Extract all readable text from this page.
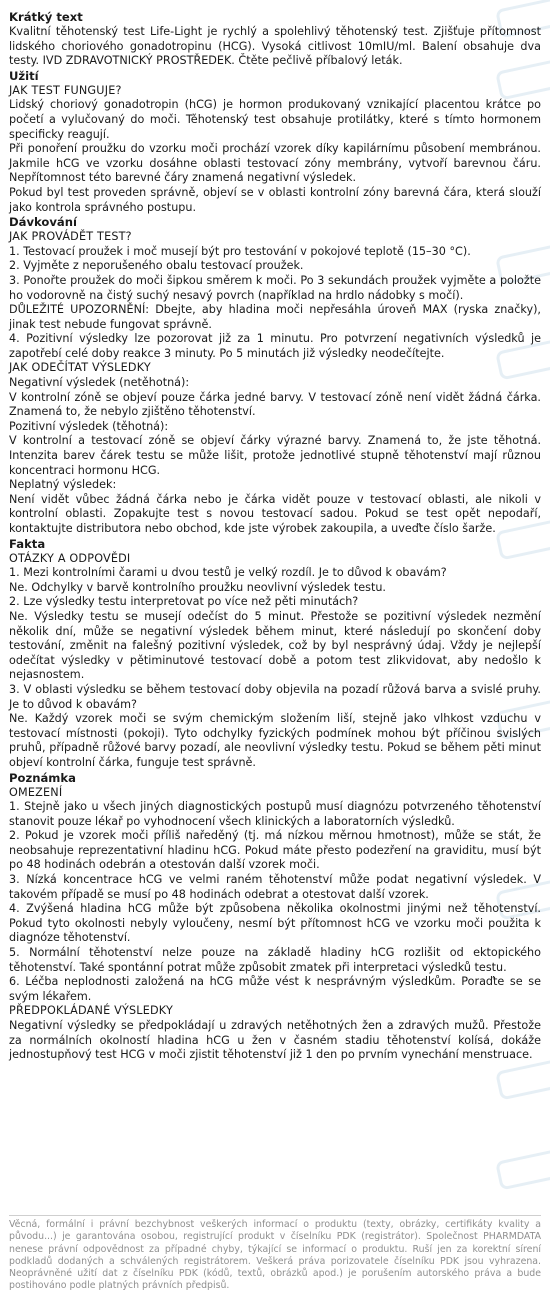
Krátký text

Kvalitní těhotenský test Life-Light je rychlý a spolehlivý těhotenský test. Zjišťuje přítomnost lidského choriového gonadotropinu (HCG). Vysoká citlivost 10mIU/ml. Balení obsahuje dva testy. IVD ZDRAVOTNICKÝ PROSTŘEDEK. Čtěte pečlivě příbalový leták.

Užití

JAK TEST FUNGUJE?

Lidský choriový gonadotropin (hCG) je hormon produkovaný vznikající placentou krátce po početí a vylučovaný do moči. Těhotenský test obsahuje protilátky, které s tímto hormonem specificky reagují.

Při ponoření proužku do vzorku moči prochází vzorek díky kapilárnímu působení membránou. Jakmile hCG ve vzorku dosáhne oblasti testovací zóny membrány, vytvoří barevnou čáru. Nepřítomnost této barevné čáry znamená negativní výsledek.

Pokud byl test proveden správně, objeví se v oblasti kontrolní zóny barevná čára, která slouží jako kontrola správného postupu.

Dávkování

JAK PROVÁDĚT TEST?

1. Testovací proužek i moč musejí být pro testování v pokojové teplotě (15–30 °C).

2. Vyjměte z neporušeného obalu testovací proužek.

3. Ponořte proužek do moči šipkou směrem k moči. Po 3 sekundách proužek vyjměte a položte ho vodorovně na čistý suchý nesavý povrch (například na hrdlo nádobky s močí).

DŮLEŽITÉ UPOZORNĚNÍ: Dbejte, aby hladina moči nepřesáhla úroveň MAX (ryska značky), jinak test nebude fungovat správně.

4. Pozitivní výsledky lze pozorovat již za 1 minutu. Pro potvrzení negativních výsledků je zapotřebí celé doby reakce 3 minuty. Po 5 minutách již výsledky neodečítejte.

JAK ODEČÍTAT VÝSLEDKY

Negativní výsledek (netěhotná):

V kontrolní zóně se objeví pouze čárka jedné barvy. V testovací zóně není vidět žádná čárka. Znamená to, že nebylo zjištěno těhotenství.

Pozitivní výsledek (těhotná):

V kontrolní a testovací zóně se objeví čárky výrazné barvy. Znamená to, že jste těhotná. Intenzita barev čárek testu se může lišit, protože jednotlivé stupně těhotenství mají různou koncentraci hormonu HCG.

Neplatný výsledek:

Není vidět vůbec žádná čárka nebo je čárka vidět pouze v testovací oblasti, ale nikoli v kontrolní oblasti. Zopakujte test s novou testovací sadou. Pokud se test opět nepodaří, kontaktujte distributora nebo obchod, kde jste výrobek zakoupila, a uveďte číslo šarže.

Fakta

OTÁZKY A ODPOVĚDI

1. Mezi kontrolními čarami u dvou testů je velký rozdíl. Je to důvod k obavám?

Ne. Odchylky v barvě kontrolního proužku neovlivní výsledek testu.

2. Lze výsledky testu interpretovat po více než pěti minutách?

Ne. Výsledky testu se musejí odečíst do 5 minut. Přestože se pozitivní výsledek nezmění několik dní, může se negativní výsledek během minut, které následují po skončení doby testování, změnit na falešný pozitivní výsledek, což by byl nesprávný údaj. Vždy je nejlepší odečítat výsledky v pětiminutové testovací době a potom test zlikvidovat, aby nedošlo k nejasnostem.

3. V oblasti výsledku se během testovací doby objevila na pozadí růžová barva a svislé pruhy. Je to důvod k obavám?

Ne. Každý vzorek moči se svým chemickým složením liší, stejně jako vlhkost vzduchu v testovací místnosti (pokoji). Tyto odchylky fyzických podmínek mohou být příčinou svislých pruhů, případně růžové barvy pozadí, ale neovlivní výsledky testu. Pokud se během pěti minut objeví kontrolní čárka, funguje test správně.

Poznámka

OMEZENÍ

1. Stejně jako u všech jiných diagnostických postupů musí diagnózu potvrzeného těhotenství stanovit pouze lékař po vyhodnocení všech klinických a laboratorních výsledků.

2. Pokud je vzorek moči příliš naředěný (tj. má nízkou měrnou hmotnost), může se stát, že neobsahuje reprezentativní hladinu hCG. Pokud máte přesto podezření na graviditu, musí být po 48 hodinách odebrán a otestován další vzorek moči.

3. Nízká koncentrace hCG ve velmi raném těhotenství může podat negativní výsledek. V takovém případě se musí po 48 hodinách odebrat a otestovat další vzorek.

4. Zvýšená hladina hCG může být způsobena několika okolnostmi jinými než těhotenství. Pokud tyto okolnosti nebyly vyloučeny, nesmí být přítomnost hCG ve vzorku moči použita k diagnóze těhotenství.

5. Normální těhotenství nelze pouze na základě hladiny hCG rozlišit od ektopického těhotenství. Také spontánní potrat může způsobit zmatek při interpretaci výsledků testu.

6. Léčba neplodnosti založená na hCG může vést k nesprávným výsledkům. Poraďte se se svým lékařem.

PŘEDPOKLÁDANÉ VÝSLEDKY

Negativní výsledky se předpokládají u zdravých netěhotných žen a zdravých mužů. Přestože za normálních okolností hladina hCG u žen v časném stadiu těhotenství kolísá, dokáže jednostupňový test HCG v moči zjistit těhotenství již 1 den po prvním vynechání menstruace.

Věcná, formální i právní bezchybnost veškerých informací o produktu (texty, obrázky, certifikáty kvality a původu...) je garantována osobou, registrující produkt v číselníku PDK (registrátor). Společnost PHARMDATA nenese právní odpovědnost za případné chyby, týkající se informací o produktu. Ruší jen za korektní sírení podkladů dodaných a schválených registrátorem. Veškerá práva porizovatele číselníku PDK jsou vyhrazena. Neoprávněné užití dat z číselníku PDK (kódů, textů, obrázků apod.) je porušením autorského práva a bude postihováno podle platných právních předpisů.
